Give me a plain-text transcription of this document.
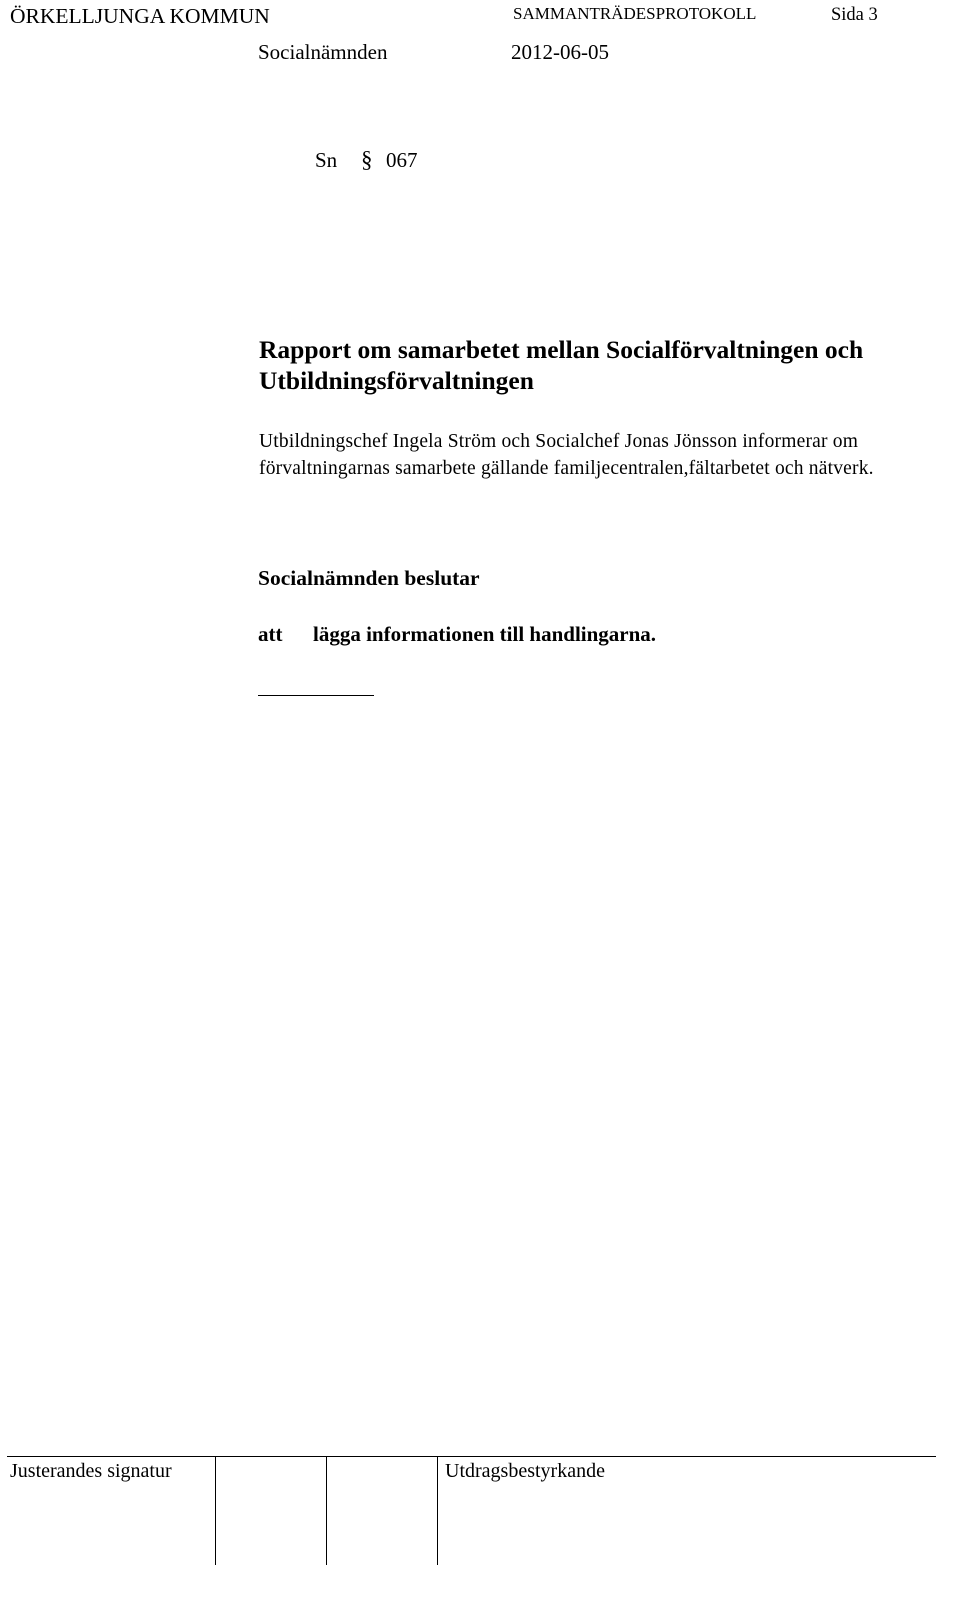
ÖRKELLJUNGA KOMMUN	SAMMANTRÄDESPROTOKOLL	Sida 3
Socialnämnden	2012-06-05
Sn § 067
Rapport om samarbetet mellan Socialförvaltningen och Utbildningsförvaltningen

Utbildningschef Ingela Ström och Socialchef Jonas Jönsson informerar om förvaltningarnas samarbete gällande familjecentralen,fältarbetet och nätverk.

Socialnämnden beslutar
att lägga informationen till handlingarna.
Justerandes signatur	Utdragsbestyrkande
